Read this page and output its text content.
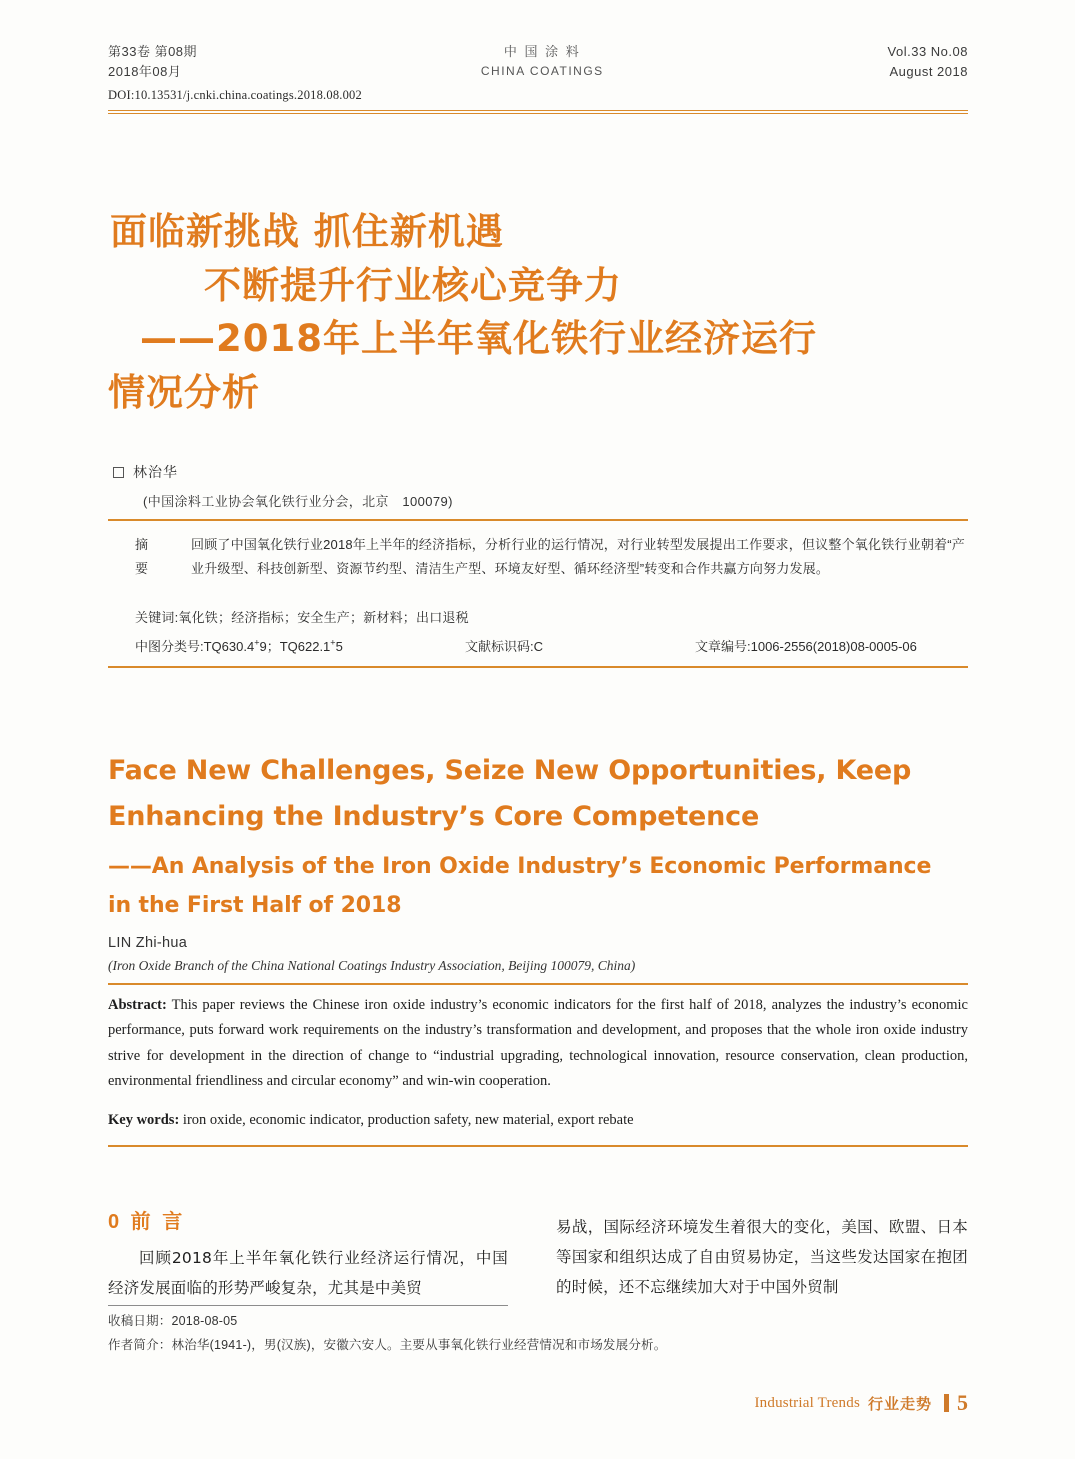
第33卷 第08期
2018年08月
中 国 涂 料
CHINA COATINGS
Vol.33 No.08
August 2018
DOI:10.13531/j.cnki.china.coatings.2018.08.002
面临新挑战 抓住新机遇
不断提升行业核心竞争力
——2018年上半年氧化铁行业经济运行
情况分析
林治华
(中国涂料工业协会氧化铁行业分会，北京　100079)
摘　要
回顾了中国氧化铁行业2018年上半年的经济指标，分析行业的运行情况，对行业转型发展提出工作要求，但议整个氧化铁行业朝着“产业升级型、科技创新型、资源节约型、清洁生产型、环境友好型、循环经济型”转变和合作共赢方向努力发展。
关键词:氧化铁；经济指标；安全生产；新材料；出口退税
中图分类号:TQ630.4+9；TQ622.1+5	文献标识码:C	文章编号:1006-2556(2018)08-0005-06
Face New Challenges, Seize New Opportunities, Keep
Enhancing the Industry’s Core Competence
——An Analysis of the Iron Oxide Industry’s Economic Performance
in the First Half of 2018
LIN Zhi-hua
(Iron Oxide Branch of the China National Coatings Industry Association, Beijing 100079, China)
Abstract: This paper reviews the Chinese iron oxide industry’s economic indicators for the first half of 2018, analyzes the industry’s economic performance, puts forward work requirements on the industry’s transformation and development, and proposes that the whole iron oxide industry strive for development in the direction of change to “industrial upgrading, technological innovation, resource conservation, clean production, environmental friendliness and circular economy” and win-win cooperation.
Key words: iron oxide, economic indicator, production safety, new material, export rebate
0 前 言
回顾2018年上半年氧化铁行业经济运行情况，中国经济发展面临的形势严峻复杂，尤其是中美贸
易战，国际经济环境发生着很大的变化，美国、欧盟、日本等国家和组织达成了自由贸易协定，当这些发达国家在抱团的时候，还不忘继续加大对于中国外贸制
收稿日期：2018-08-05
作者简介：林治华(1941-)，男(汉族)，安徽六安人。主要从事氧化铁行业经营情况和市场发展分析。
Industrial Trends 行业走势 5
